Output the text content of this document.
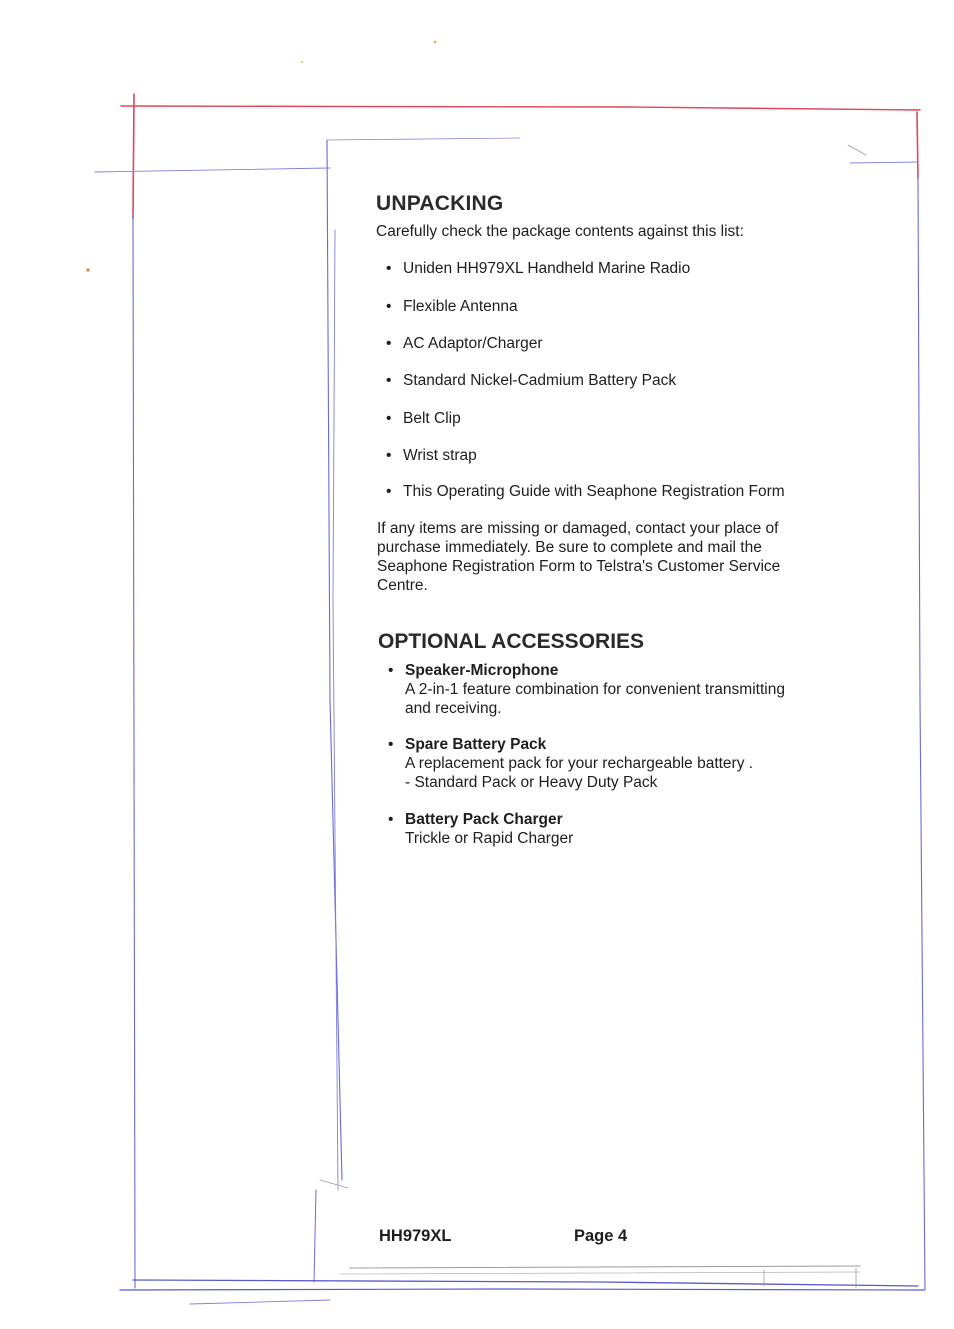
UNPACKING

Carefully check the package contents against this list:

• Uniden HH979XL Handheld Marine Radio
• Flexible Antenna
• AC Adaptor/Charger
• Standard Nickel-Cadmium Battery Pack
• Belt Clip
• Wrist strap
• This Operating Guide with Seaphone Registration Form

If any items are missing or damaged, contact your place of purchase immediately. Be sure to complete and mail the Seaphone Registration Form to Telstra's Customer Service Centre.

OPTIONAL ACCESSORIES
• Speaker-Microphone
A 2-in-1 feature combination for convenient transmitting
and receiving.
• Spare Battery Pack
A replacement pack for your rechargeable battery .
- Standard Pack or Heavy Duty Pack
• Battery Pack Charger
Trickle or Rapid Charger
HH979XL	Page 4
